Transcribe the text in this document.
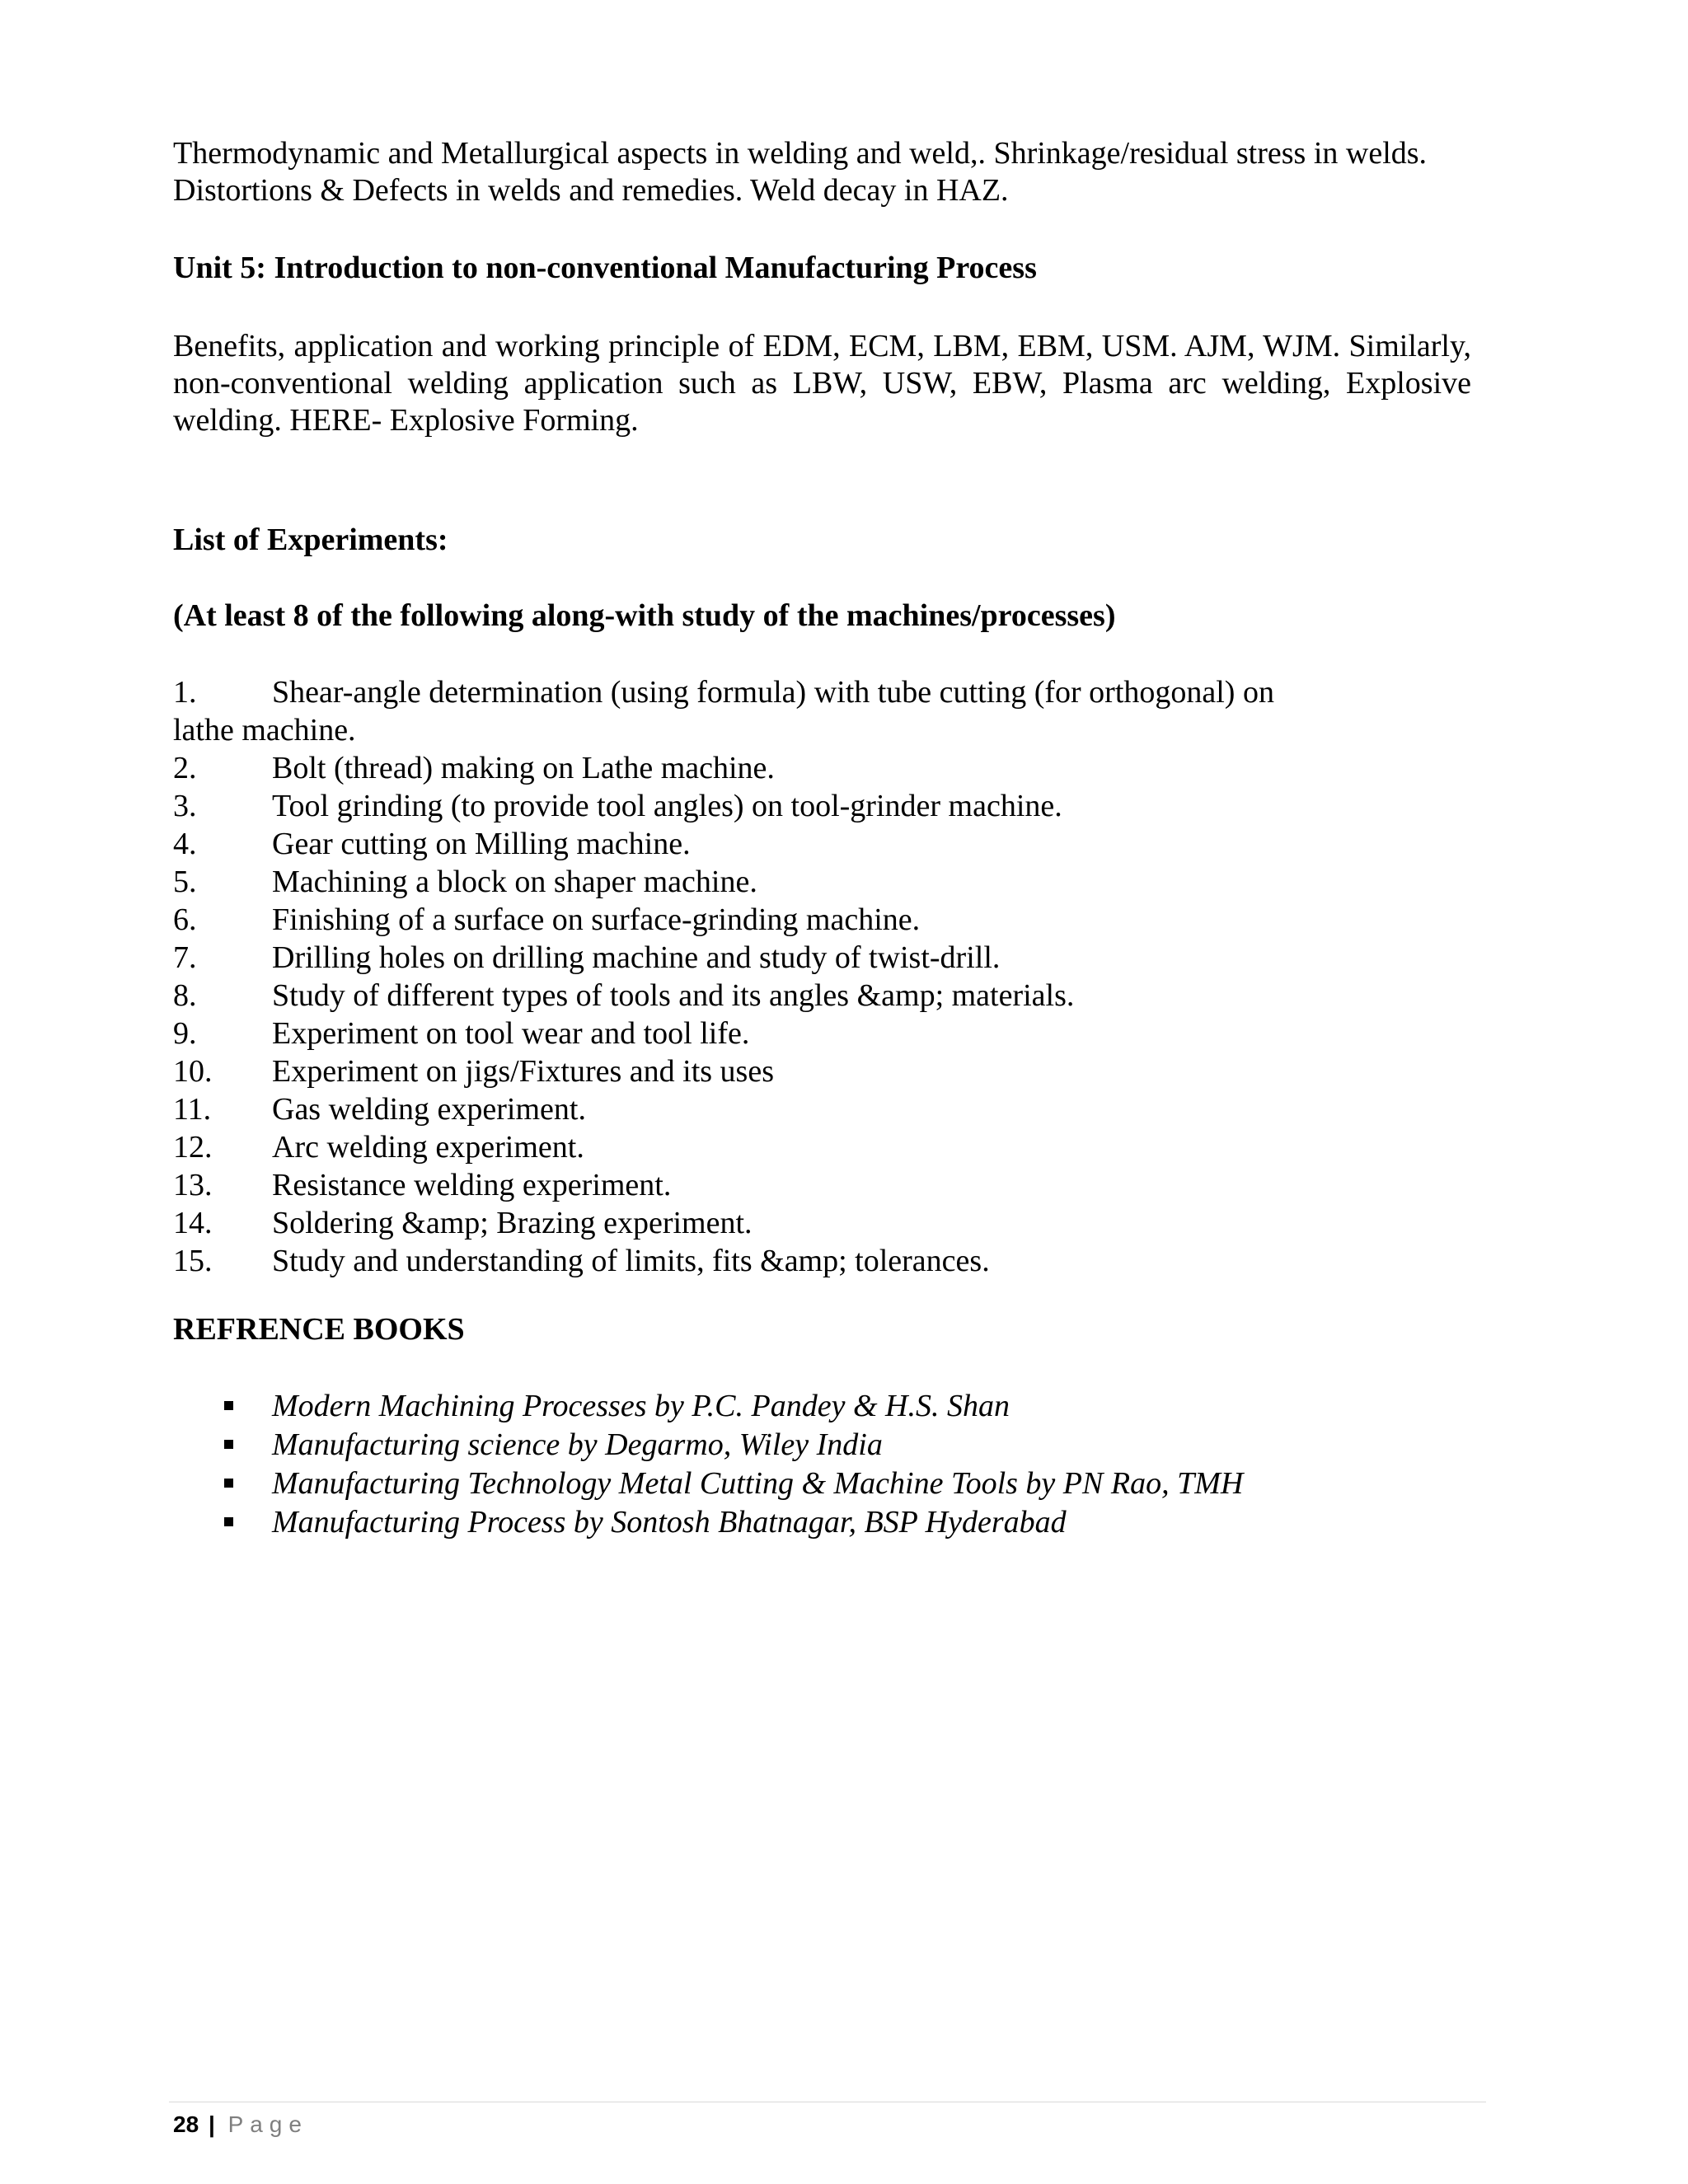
Thermodynamic and Metallurgical aspects in welding and weld,. Shrinkage/residual stress in welds. Distortions & Defects in welds and remedies. Weld decay in HAZ.

Unit 5: Introduction to non-conventional Manufacturing Process

Benefits, application and working principle of EDM, ECM, LBM, EBM, USM. AJM, WJM. Similarly, non-conventional welding application such as LBW, USW, EBW, Plasma arc welding, Explosive welding. HERE- Explosive Forming.

List of Experiments:
(At least 8 of the following along-with study of the machines/processes)
1. Shear-angle determination (using formula) with tube cutting (for orthogonal) on
lathe machine.
2. Bolt (thread) making on Lathe machine.
3. Tool grinding (to provide tool angles) on tool-grinder machine.
4. Gear cutting on Milling machine.
5. Machining a block on shaper machine.
6. Finishing of a surface on surface-grinding machine.
7. Drilling holes on drilling machine and study of twist-drill.
8. Study of different types of tools and its angles &amp; materials.
9. Experiment on tool wear and tool life.
10. Experiment on jigs/Fixtures and its uses
11. Gas welding experiment.
12. Arc welding experiment.
13. Resistance welding experiment.
14. Soldering &amp; Brazing experiment.
15. Study and understanding of limits, fits &amp; tolerances.
REFRENCE BOOKS
Modern Machining Processes by P.C. Pandey & H.S. Shan
Manufacturing science by Degarmo, Wiley India
Manufacturing Technology Metal Cutting & Machine Tools by PN Rao, TMH
Manufacturing Process by Sontosh Bhatnagar, BSP Hyderabad
28 | Page
